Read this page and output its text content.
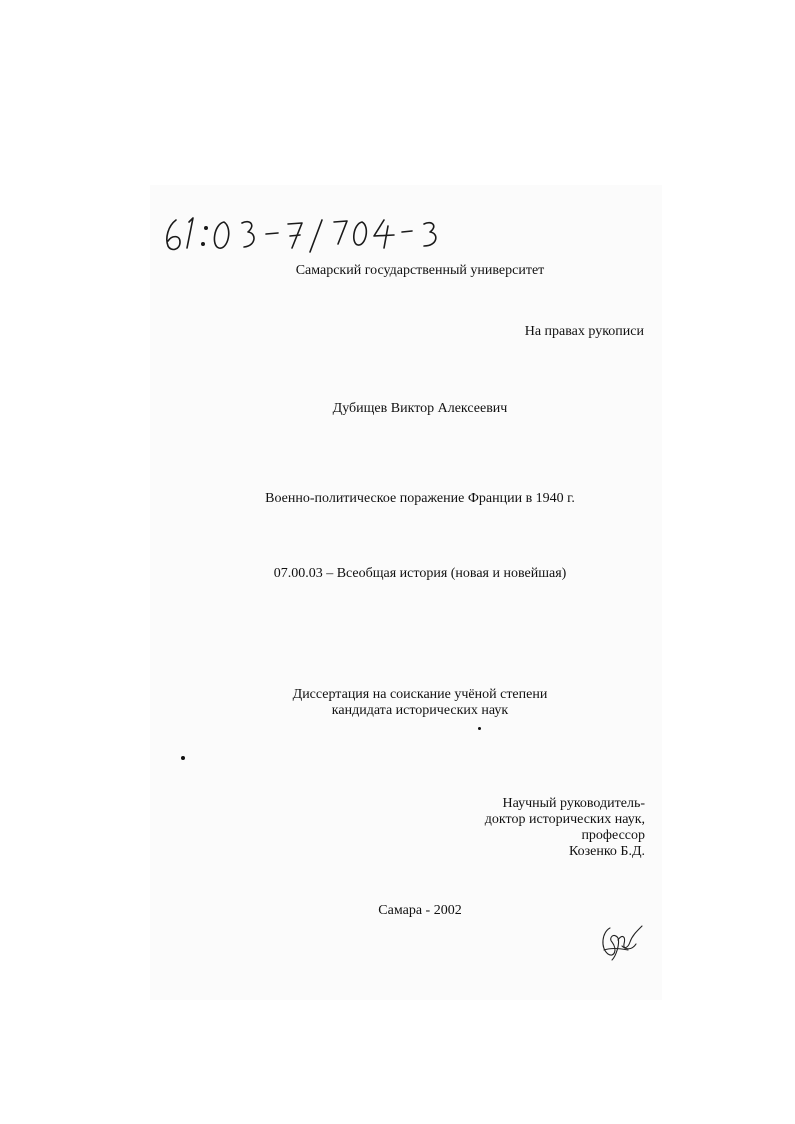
Самарский государственный университет
На правах рукописи
Дубищев Виктор Алексеевич
Военно-политическое поражение Франции в 1940 г.
07.00.03 – Всеобщая история (новая и новейшая)
Диссертация на соискание учёной степени
кандидата исторических наук
Научный руководитель-
доктор исторических наук,
профессор
Козенко Б.Д.
Самара - 2002
